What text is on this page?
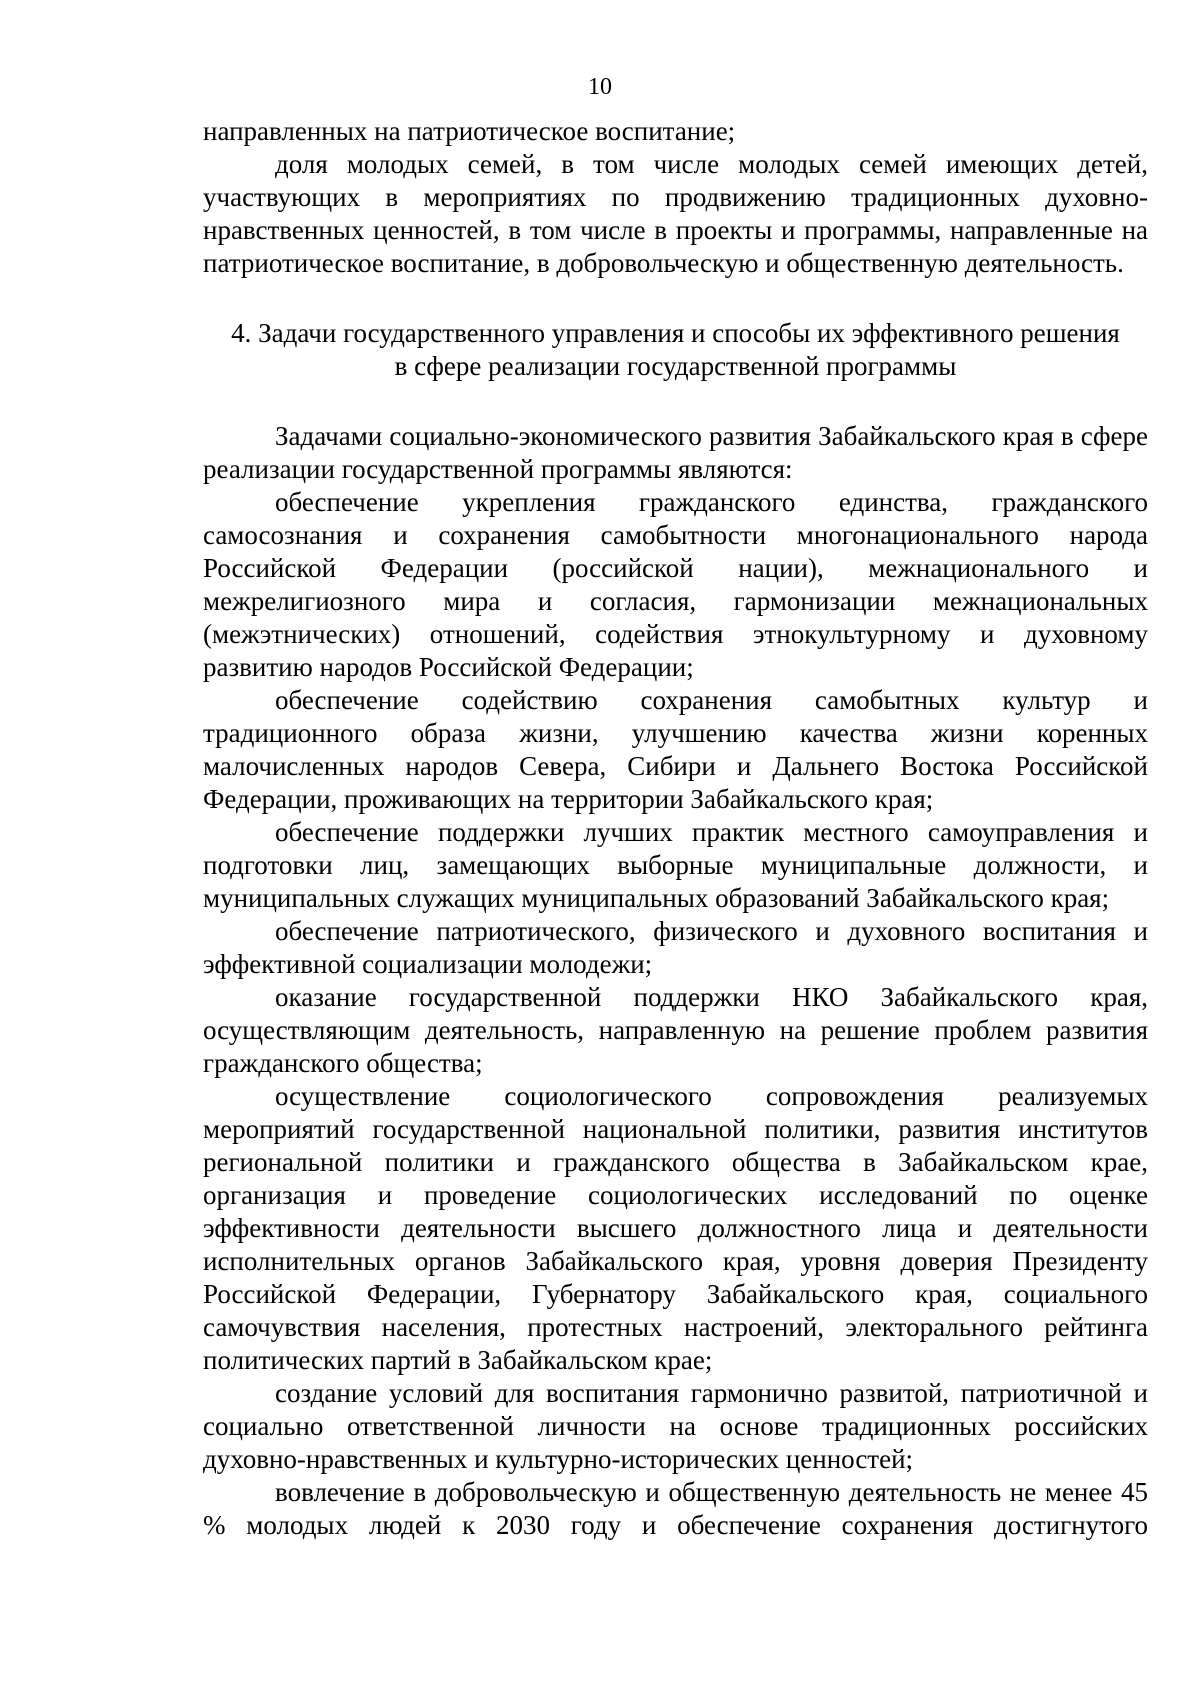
10

направленных на патриотическое воспитание;

доля молодых семей, в том числе молодых семей имеющих детей, участвующих в мероприятиях по продвижению традиционных духовно-нравственных ценностей, в том числе в проекты и программы, направленные на патриотическое воспитание, в добровольческую и общественную деятельность.

4. Задачи государственного управления и способы их эффективного решения
в сфере реализации государственной программы

Задачами социально-экономического развития Забайкальского края в сфере реализации государственной программы являются:

обеспечение укрепления гражданского единства, гражданского самосознания и сохранения самобытности многонационального народа Российской Федерации (российской нации), межнационального и межрелигиозного мира и согласия, гармонизации межнациональных (межэтнических) отношений, содействия этнокультурному и духовному развитию народов Российской Федерации;

обеспечение содействию сохранения самобытных культур и традиционного образа жизни, улучшению качества жизни коренных малочисленных народов Севера, Сибири и Дальнего Востока Российской Федерации, проживающих на территории Забайкальского края;

обеспечение поддержки лучших практик местного самоуправления и подготовки лиц, замещающих выборные муниципальные должности, и муниципальных служащих муниципальных образований Забайкальского края;

обеспечение патриотического, физического и духовного воспитания и эффективной социализации молодежи;

оказание государственной поддержки НКО Забайкальского края, осуществляющим деятельность, направленную на решение проблем развития гражданского общества;

осуществление социологического сопровождения реализуемых мероприятий государственной национальной политики, развития институтов региональной политики и гражданского общества в Забайкальском крае, организация и проведение социологических исследований по оценке эффективности деятельности высшего должностного лица и деятельности исполнительных органов Забайкальского края, уровня доверия Президенту Российской Федерации, Губернатору Забайкальского края, социального самочувствия населения, протестных настроений, электорального рейтинга политических партий в Забайкальском крае;

создание условий для воспитания гармонично развитой, патриотичной и социально ответственной личности на основе традиционных российских духовно-нравственных и культурно-исторических ценностей;

вовлечение в добровольческую и общественную деятельность не менее 45 % молодых людей к 2030 году и обеспечение сохранения достигнутого
